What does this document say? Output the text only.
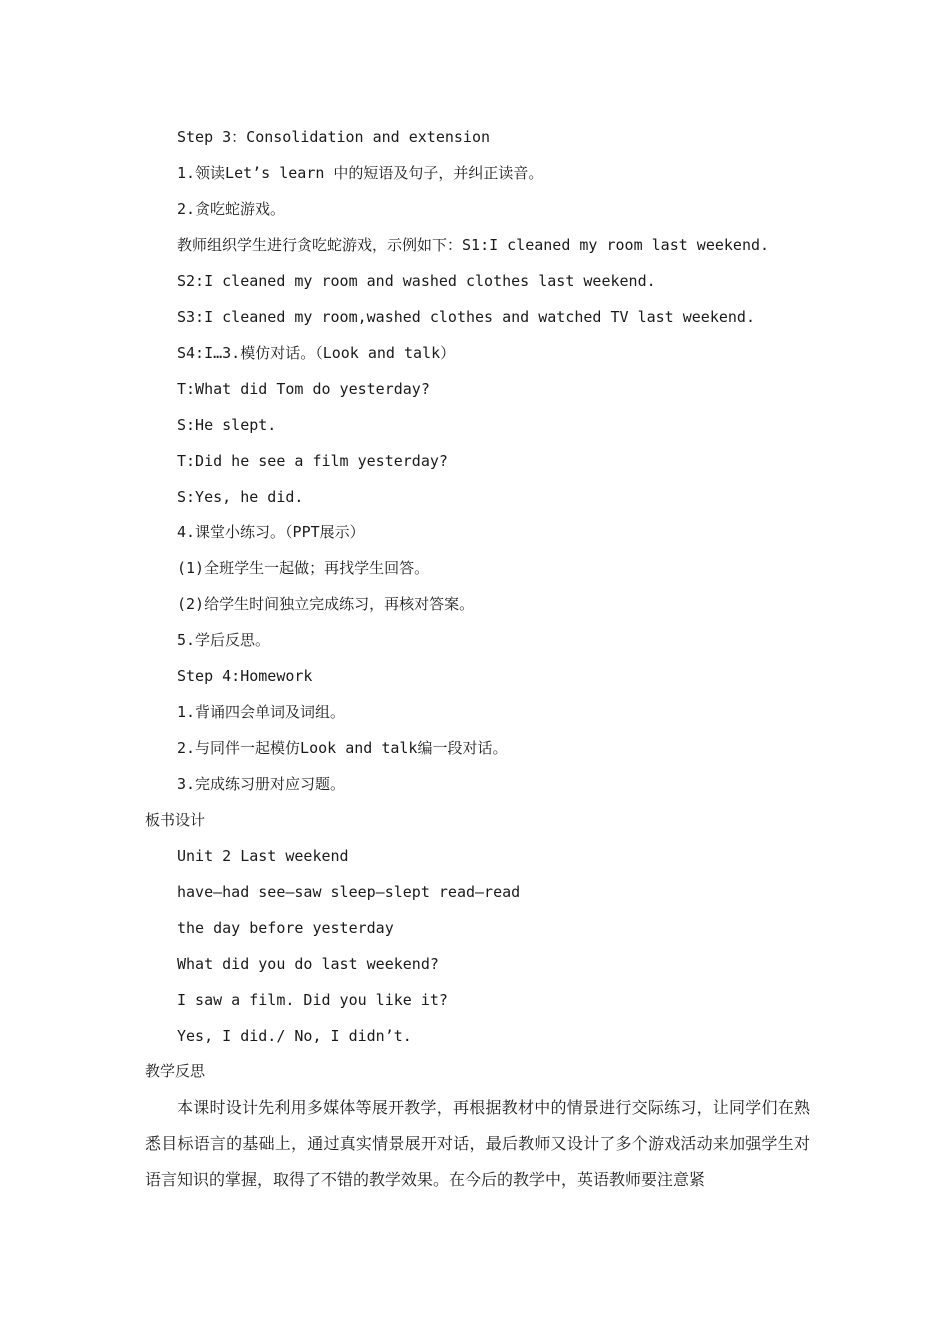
Step 3：Consolidation and extension
1.领读Let’s learn 中的短语及句子，并纠正读音。
2.贪吃蛇游戏。
教师组织学生进行贪吃蛇游戏，示例如下：S1:I cleaned my room last weekend.
S2:I cleaned my room and washed clothes last weekend.
S3:I cleaned my room,washed clothes and watched TV last weekend.
S4:I…3.模仿对话。（Look and talk）
T:What did Tom do yesterday?
S:He slept.
T:Did he see a film yesterday?
S:Yes, he did.
4.课堂小练习。（PPT展示）
(1)全班学生一起做；再找学生回答。
(2)给学生时间独立完成练习，再核对答案。
5.学后反思。
Step 4:Homework
1.背诵四会单词及词组。
2.与同伴一起模仿Look and talk编一段对话。
3.完成练习册对应习题。
板书设计
Unit 2 Last weekend
have—had see—saw sleep—slept read—read
the day before yesterday
What did you do last weekend?
I saw a film. Did you like it?
Yes, I did./ No, I didn’t.
教学反思
本课时设计先利用多媒体等展开教学，再根据教材中的情景进行交际练习，让同学们在熟悉目标语言的基础上，通过真实情景展开对话，最后教师又设计了多个游戏活动来加强学生对语言知识的掌握，取得了不错的教学效果。在今后的教学中，英语教师要注意紧
